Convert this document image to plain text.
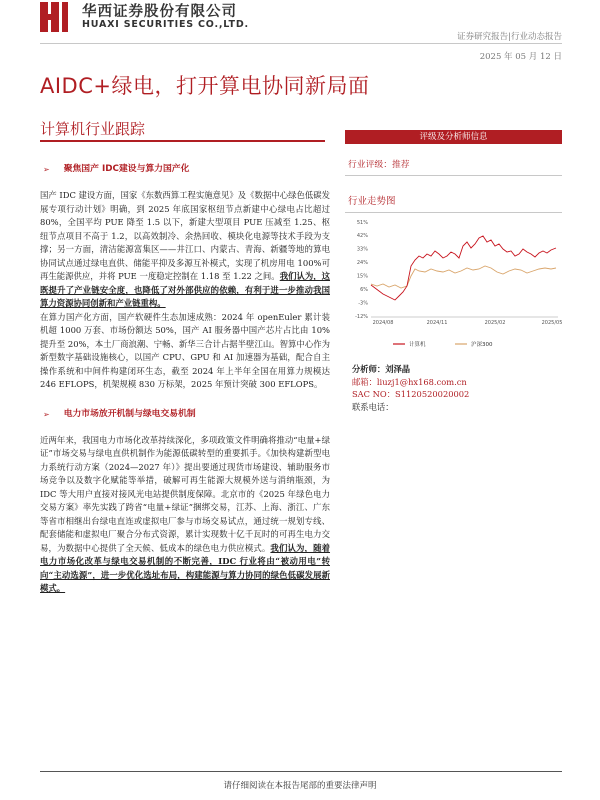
华西证券股份有限公司
HUAXI SECURITIES CO.,LTD.
证券研究报告|行业动态报告
2025 年 05 月 12 日
AIDC+绿电，打开算电协同新局面
计算机行业跟踪
➢ 聚焦国产 IDC建设与算力国产化

国产 IDC 建设方面，国家《东数西算工程实施意见》及《数据中心绿色低碳发展专项行动计划》明确，到 2025 年底国家枢纽节点新建中心绿电占比超过 80%，全国平均 PUE 降至 1.5 以下，新建大型项目 PUE 压减至 1.25、枢纽节点项目不高于 1.2，以高效制冷、余热回收、模块化电源等技术手段为支撑；另一方面，清洁能源富集区——井江口、内蒙古、青海、新疆等地的算电协同试点通过绿电直供、储能平抑及多源互补模式，实现了机房用电 100%可再生能源供应，并将 PUE 一度稳定控制在 1.18 至 1.22 之间。我们认为，这既提升了产业链安全度，也降低了对外部供应的依赖，有利于进一步推动我国算力资源协同创新和产业链重构。

在算力国产化方面，国产软硬件生态加速成熟：2024 年 openEuler 累计装机超 1000 万套、市场份额达 50%，国产 AI 服务器中国产芯片占比由 10%提升至 20%，本土厂商浪潮、宁畅、新华三合计占据半壁江山。智算中心作为新型数字基础设施核心，以国产 CPU、GPU 和 AI 加速器为基础，配合自主操作系统和中间件构建闭环生态，截至 2024 年上半年全国在用算力规模达 246 EFLOPS，机架规模 830 万标架，2025 年预计突破 300 EFLOPS。

➢ 电力市场放开机制与绿电交易机制

近两年来，我国电力市场化改革持续深化，多项政策文件明确将推动“电量+绿证”市场交易与绿电直供机制作为能源低碳转型的重要抓手。《加快构建新型电力系统行动方案（2024—2027 年）》提出要通过现货市场建设、辅助服务市场竞争以及数字化赋能等举措，破解可再生能源大规模外送与消纳瓶颈，为 IDC 等大用户直接对接风光电站提供制度保障。北京市的《2025 年绿色电力交易方案》率先实践了跨省“电量+绿证”捆绑交易，江苏、上海、浙江、广东等省市相继出台绿电直连或虚拟电厂参与市场交易试点，通过统一规划专线、配套储能和虚拟电厂聚合分布式资源，累计实现数十亿千瓦时的可再生电力交易，为数据中心提供了全天候、低成本的绿色电力供应模式。我们认为，随着电力市场化改革与绿电交易机制的不断完善，IDC 行业将由“被动用电”转向“主动选源”，进一步优化选址布局，构建能源与算力协同的绿色低碳发展新模式。

评级及分析师信息
行业评级：推荐
行业走势图
51%
42%
33%
24%
15%
6%
-3%
-12%
2024/08	2024/11	2025/02	2025/05
计算机	沪深300
分析师：刘泽晶
邮箱：liuzj1@hx168.com.cn
SAC NO：S1120520020002
联系电话：
请仔细阅读在本报告尾部的重要法律声明
